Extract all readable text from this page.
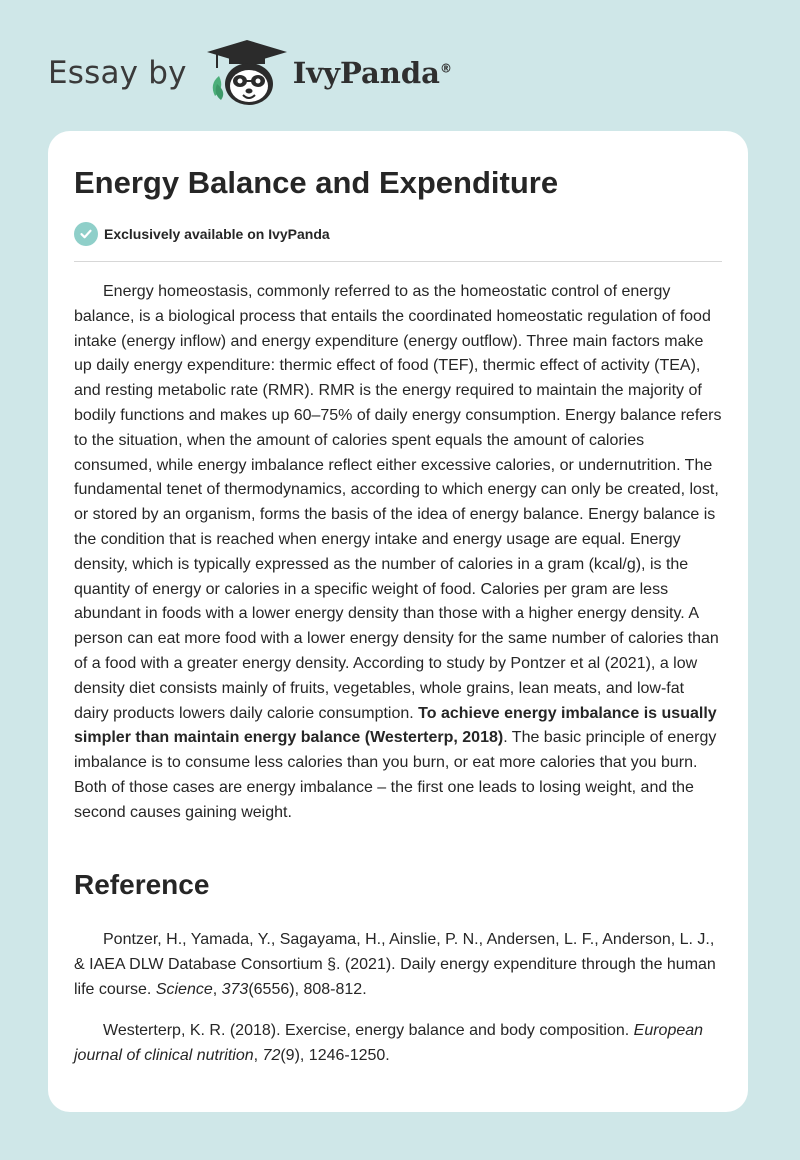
Essay by	IvyPanda®
Energy Balance and Expenditure
Exclusively available on IvyPanda

Energy homeostasis, commonly referred to as the homeostatic control of energy balance, is a biological process that entails the coordinated homeostatic regulation of food intake (energy inflow) and energy expenditure (energy outflow). Three main factors make up daily energy expenditure: thermic effect of food (TEF), thermic effect of activity (TEA), and resting metabolic rate (RMR). RMR is the energy required to maintain the majority of bodily functions and makes up 60–75% of daily energy consumption. Energy balance refers to the situation, when the amount of calories spent equals the amount of calories consumed, while energy imbalance reflect either excessive calories, or undernutrition. The fundamental tenet of thermodynamics, according to which energy can only be created, lost, or stored by an organism, forms the basis of the idea of energy balance. Energy balance is the condition that is reached when energy intake and energy usage are equal. Energy density, which is typically expressed as the number of calories in a gram (kcal/g), is the quantity of energy or calories in a specific weight of food. Calories per gram are less abundant in foods with a lower energy density than those with a higher energy density. A person can eat more food with a lower energy density for the same number of calories than of a food with a greater energy density. According to study by Pontzer et al (2021), a low density diet consists mainly of fruits, vegetables, whole grains, lean meats, and low-fat dairy products lowers daily calorie consumption. To achieve energy imbalance is usually simpler than maintain energy balance (Westerterp, 2018). The basic principle of energy imbalance is to consume less calories than you burn, or eat more calories that you burn. Both of those cases are energy imbalance – the first one leads to losing weight, and the second causes gaining weight.

Reference

Pontzer, H., Yamada, Y., Sagayama, H., Ainslie, P. N., Andersen, L. F., Anderson, L. J., & IAEA DLW Database Consortium §. (2021). Daily energy expenditure through the human life course. Science, 373(6556), 808-812.

Westerterp, K. R. (2018). Exercise, energy balance and body composition. European journal of clinical nutrition, 72(9), 1246-1250.
